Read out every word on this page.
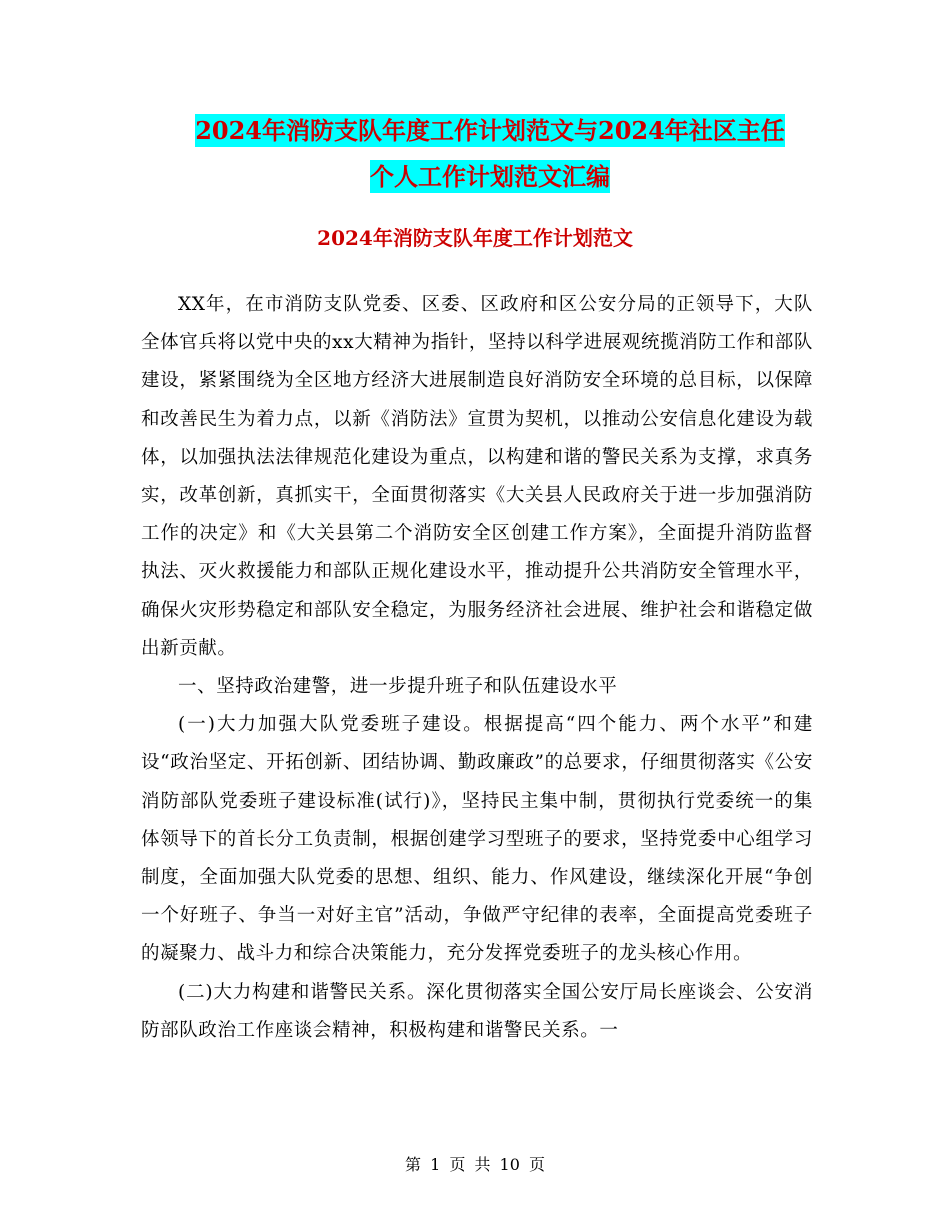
2024年消防支队年度工作计划范文与2024年社区主任
个人工作计划范文汇编
2024年消防支队年度工作计划范文

XX年，在市消防支队党委、区委、区政府和区公安分局的正领导下，大队全体官兵将以党中央的xx大精神为指针，坚持以科学进展观统揽消防工作和部队建设，紧紧围绕为全区地方经济大进展制造良好消防安全环境的总目标，以保障和改善民生为着力点，以新《消防法》宣贯为契机，以推动公安信息化建设为载体，以加强执法法律规范化建设为重点，以构建和谐的警民关系为支撑，求真务实，改革创新，真抓实干，全面贯彻落实《大关县人民政府关于进一步加强消防工作的决定》和《大关县第二个消防安全区创建工作方案》，全面提升消防监督执法、灭火救援能力和部队正规化建设水平，推动提升公共消防安全管理水平，确保火灾形势稳定和部队安全稳定，为服务经济社会进展、维护社会和谐稳定做出新贡献。

一、坚持政治建警，进一步提升班子和队伍建设水平

(一)大力加强大队党委班子建设。根据提高“四个能力、两个水平”和建设“政治坚定、开拓创新、团结协调、勤政廉政”的总要求，仔细贯彻落实《公安消防部队党委班子建设标准(试行)》，坚持民主集中制，贯彻执行党委统一的集体领导下的首长分工负责制，根据创建学习型班子的要求，坚持党委中心组学习制度，全面加强大队党委的思想、组织、能力、作风建设，继续深化开展“争创一个好班子、争当一对好主官”活动，争做严守纪律的表率，全面提高党委班子的凝聚力、战斗力和综合决策能力，充分发挥党委班子的龙头核心作用。

(二)大力构建和谐警民关系。深化贯彻落实全国公安厅局长座谈会、公安消防部队政治工作座谈会精神，积极构建和谐警民关系。一

第 1 页 共 10 页
